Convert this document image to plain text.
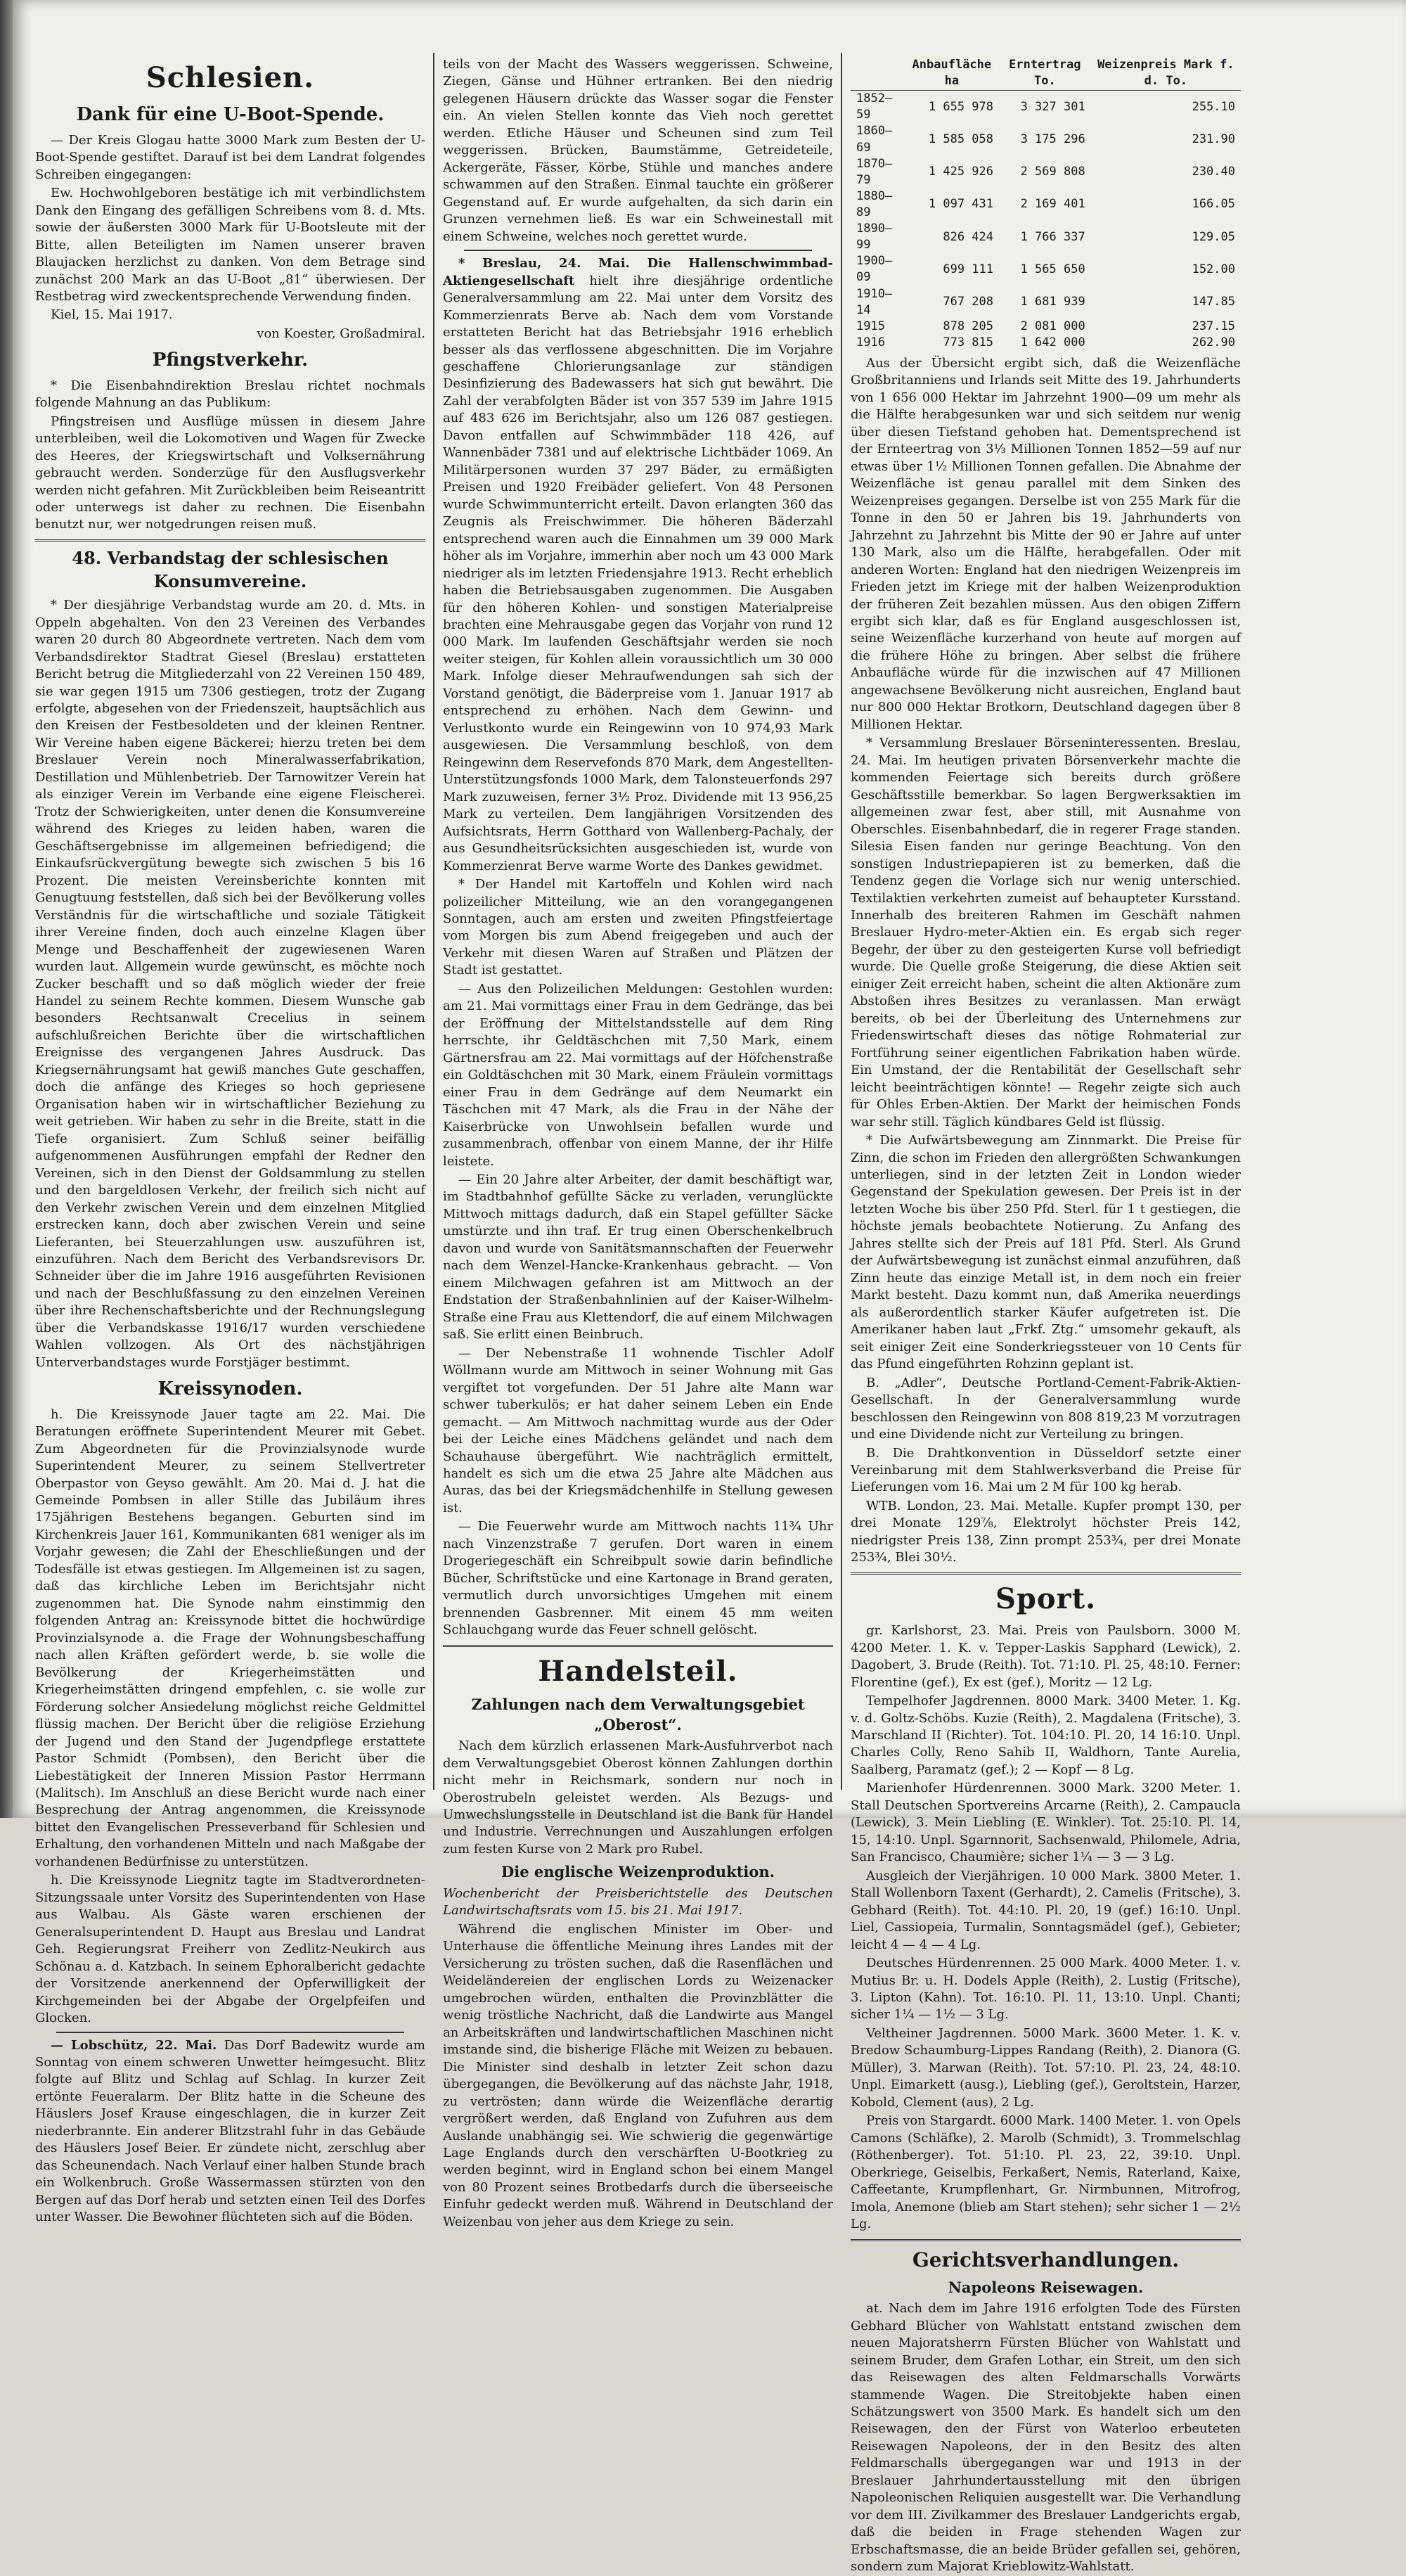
Schlesien.
Dank für eine U-Boot-Spende.

— Der Kreis Glogau hatte 3000 Mark zum Besten der U-Boot-Spende gestiftet. Darauf ist bei dem Landrat folgendes Schreiben eingegangen:

Ew. Hochwohlgeboren bestätige ich mit verbindlichstem Dank den Eingang des gefälligen Schreibens vom 8. d. Mts. sowie der äußersten 3000 Mark für U-Bootsleute mit der Bitte, allen Beteiligten im Namen unserer braven Blaujacken herzlichst zu danken. Von dem Betrage sind zunächst 200 Mark an das U-Boot „81“ überwiesen. Der Restbetrag wird zweckentsprechende Verwendung finden.

Kiel, 15. Mai 1917.

von Koester, Großadmiral.

Pfingstverkehr.

* Die Eisenbahndirektion Breslau richtet nochmals folgende Mahnung an das Publikum:

Pfingstreisen und Ausflüge müssen in diesem Jahre unterbleiben, weil die Lokomotiven und Wagen für Zwecke des Heeres, der Kriegswirtschaft und Volksernährung gebraucht werden. Sonderzüge für den Ausflugsverkehr werden nicht gefahren. Mit Zurückbleiben beim Reiseantritt oder unterwegs ist daher zu rechnen. Die Eisenbahn benutzt nur, wer notgedrungen reisen muß.

48. Verbandstag der schlesischen Konsumvereine.

* Der diesjährige Verbandstag wurde am 20. d. Mts. in Oppeln abgehalten. Von den 23 Vereinen des Verbandes waren 20 durch 80 Abgeordnete vertreten. Nach dem vom Verbandsdirektor Stadtrat Giesel (Breslau) erstatteten Bericht betrug die Mitgliederzahl von 22 Vereinen 150 489, sie war gegen 1915 um 7306 gestiegen, trotz der Zugang erfolgte, abgesehen von der Friedenszeit, hauptsächlich aus den Kreisen der Festbesoldeten und der kleinen Rentner. Wir Vereine haben eigene Bäckerei; hierzu treten bei dem Breslauer Verein noch Mineralwasserfabrikation, Destillation und Mühlenbetrieb. Der Tarnowitzer Verein hat als einziger Verein im Verbande eine eigene Fleischerei. Trotz der Schwierigkeiten, unter denen die Konsumvereine während des Krieges zu leiden haben, waren die Geschäftsergebnisse im allgemeinen befriedigend; die Einkaufsrückvergütung bewegte sich zwischen 5 bis 16 Prozent. Die meisten Vereinsberichte konnten mit Genugtuung feststellen, daß sich bei der Bevölkerung volles Verständnis für die wirtschaftliche und soziale Tätigkeit ihrer Vereine finden, doch auch einzelne Klagen über Menge und Beschaffenheit der zugewiesenen Waren wurden laut. Allgemein wurde gewünscht, es möchte noch Zucker beschafft und so daß möglich wieder der freie Handel zu seinem Rechte kommen. Diesem Wunsche gab besonders Rechtsanwalt Crecelius in seinem aufschlußreichen Berichte über die wirtschaftlichen Ereignisse des vergangenen Jahres Ausdruck. Das Kriegsernährungsamt hat gewiß manches Gute geschaffen, doch die anfänge des Krieges so hoch gepriesene Organisation haben wir in wirtschaftlicher Beziehung zu weit getrieben. Wir haben zu sehr in die Breite, statt in die Tiefe organisiert. Zum Schluß seiner beifällig aufgenommenen Ausführungen empfahl der Redner den Vereinen, sich in den Dienst der Goldsammlung zu stellen und den bargeldlosen Verkehr, der freilich sich nicht auf den Verkehr zwischen Verein und dem einzelnen Mitglied erstrecken kann, doch aber zwischen Verein und seine Lieferanten, bei Steuerzahlungen usw. auszuführen ist, einzuführen. Nach dem Bericht des Verbandsrevisors Dr. Schneider über die im Jahre 1916 ausgeführten Revisionen und nach der Beschlußfassung zu den einzelnen Vereinen über ihre Rechenschaftsberichte und der Rechnungslegung über die Verbandskasse 1916/17 wurden verschiedene Wahlen vollzogen. Als Ort des nächstjährigen Unterverbandstages wurde Forstjäger bestimmt.

Kreissynoden.

h. Die Kreissynode Jauer tagte am 22. Mai. Die Beratungen eröffnete Superintendent Meurer mit Gebet. Zum Abgeordneten für die Provinzialsynode wurde Superintendent Meurer, zu seinem Stellvertreter Oberpastor von Geyso gewählt. Am 20. Mai d. J. hat die Gemeinde Pombsen in aller Stille das Jubiläum ihres 175jährigen Bestehens begangen. Geburten sind im Kirchenkreis Jauer 161, Kommunikanten 681 weniger als im Vorjahr gewesen; die Zahl der Eheschließungen und der Todesfälle ist etwas gestiegen. Im Allgemeinen ist zu sagen, daß das kirchliche Leben im Berichtsjahr nicht zugenommen hat. Die Synode nahm einstimmig den folgenden Antrag an: Kreissynode bittet die hochwürdige Provinzialsynode a. die Frage der Wohnungsbeschaffung nach allen Kräften gefördert werde, b. sie wolle die Bevölkerung der Kriegerheimstätten und Kriegerheimstätten dringend empfehlen, c. sie wolle zur Förderung solcher Ansiedelung möglichst reiche Geldmittel flüssig machen. Der Bericht über die religiöse Erziehung der Jugend und den Stand der Jugendpflege erstattete Pastor Schmidt (Pombsen), den Bericht über die Liebestätigkeit der Inneren Mission Pastor Herrmann (Malitsch). Im Anschluß an diese Bericht wurde nach einer Besprechung der Antrag angenommen, die Kreissynode bittet den Evangelischen Presseverband für Schlesien und Erhaltung, den vorhandenen Mitteln und nach Maßgabe der vorhandenen Bedürfnisse zu unterstützen.

h. Die Kreissynode Liegnitz tagte im Stadtverordneten-Sitzungssaale unter Vorsitz des Superintendenten von Hase aus Walbau. Als Gäste waren erschienen der Generalsuperintendent D. Haupt aus Breslau und Landrat Geh. Regierungsrat Freiherr von Zedlitz-Neukirch aus Schönau a. d. Katzbach. In seinem Ephoralbericht gedachte der Vorsitzende anerkennend der Opferwilligkeit der Kirchgemeinden bei der Abgabe der Orgelpfeifen und Glocken.

— Lobschütz, 22. Mai. Das Dorf Badewitz wurde am Sonntag von einem schweren Unwetter heimgesucht. Blitz folgte auf Blitz und Schlag auf Schlag. In kurzer Zeit ertönte Feueralarm. Der Blitz hatte in die Scheune des Häuslers Josef Krause eingeschlagen, die in kurzer Zeit niederbrannte. Ein anderer Blitzstrahl fuhr in das Gebäude des Häuslers Josef Beier. Er zündete nicht, zerschlug aber das Scheunendach. Nach Verlauf einer halben Stunde brach ein Wolkenbruch. Große Wassermassen stürzten von den Bergen auf das Dorf herab und setzten einen Teil des Dorfes unter Wasser. Die Bewohner flüchteten sich auf die Böden.

teils von der Macht des Wassers weggerissen. Schweine, Ziegen, Gänse und Hühner ertranken. Bei den niedrig gelegenen Häusern drückte das Wasser sogar die Fenster ein. An vielen Stellen konnte das Vieh noch gerettet werden. Etliche Häuser und Scheunen sind zum Teil weggerissen. Brücken, Baumstämme, Getreideteile, Ackergeräte, Fässer, Körbe, Stühle und manches andere schwammen auf den Straßen. Einmal tauchte ein größerer Gegenstand auf. Er wurde aufgehalten, da sich darin ein Grunzen vernehmen ließ. Es war ein Schweinestall mit einem Schweine, welches noch gerettet wurde.

* Breslau, 24. Mai. Die Hallenschwimmbad-Aktiengesellschaft hielt ihre diesjährige ordentliche Generalversammlung am 22. Mai unter dem Vorsitz des Kommerzienrats Berve ab. Nach dem vom Vorstande erstatteten Bericht hat das Betriebsjahr 1916 erheblich besser als das verflossene abgeschnitten. Die im Vorjahre geschaffene Chlorierungsanlage zur ständigen Desinfizierung des Badewassers hat sich gut bewährt. Die Zahl der verabfolgten Bäder ist von 357 539 im Jahre 1915 auf 483 626 im Berichtsjahr, also um 126 087 gestiegen. Davon entfallen auf Schwimmbäder 118 426, auf Wannenbäder 7381 und auf elektrische Lichtbäder 1069. An Militärpersonen wurden 37 297 Bäder, zu ermäßigten Preisen und 1920 Freibäder geliefert. Von 48 Personen wurde Schwimmunterricht erteilt. Davon erlangten 360 das Zeugnis als Freischwimmer. Die höheren Bäderzahl entsprechend waren auch die Einnahmen um 39 000 Mark höher als im Vorjahre, immerhin aber noch um 43 000 Mark niedriger als im letzten Friedensjahre 1913. Recht erheblich haben die Betriebsausgaben zugenommen. Die Ausgaben für den höheren Kohlen- und sonstigen Materialpreise brachten eine Mehrausgabe gegen das Vorjahr von rund 12 000 Mark. Im laufenden Geschäftsjahr werden sie noch weiter steigen, für Kohlen allein voraussichtlich um 30 000 Mark. Infolge dieser Mehraufwendungen sah sich der Vorstand genötigt, die Bäderpreise vom 1. Januar 1917 ab entsprechend zu erhöhen. Nach dem Gewinn- und Verlustkonto wurde ein Reingewinn von 10 974,93 Mark ausgewiesen. Die Versammlung beschloß, von dem Reingewinn dem Reservefonds 870 Mark, dem Angestellten-Unterstützungsfonds 1000 Mark, dem Talonsteuerfonds 297 Mark zuzuweisen, ferner 3½ Proz. Dividende mit 13 956,25 Mark zu verteilen. Dem langjährigen Vorsitzenden des Aufsichtsrats, Herrn Gotthard von Wallenberg-Pachaly, der aus Gesundheitsrücksichten ausgeschieden ist, wurde von Kommerzienrat Berve warme Worte des Dankes gewidmet.

* Der Handel mit Kartoffeln und Kohlen wird nach polizeilicher Mitteilung, wie an den vorangegangenen Sonntagen, auch am ersten und zweiten Pfingstfeiertage vom Morgen bis zum Abend freigegeben und auch der Verkehr mit diesen Waren auf Straßen und Plätzen der Stadt ist gestattet.

— Aus den Polizeilichen Meldungen: Gestohlen wurden: am 21. Mai vormittags einer Frau in dem Gedränge, das bei der Eröffnung der Mittelstandsstelle auf dem Ring herrschte, ihr Geldtäschchen mit 7,50 Mark, einem Gärtnersfrau am 22. Mai vormittags auf der Höfchenstraße ein Goldtäschchen mit 30 Mark, einem Fräulein vormittags einer Frau in dem Gedränge auf dem Neumarkt ein Täschchen mit 47 Mark, als die Frau in der Nähe der Kaiserbrücke von Unwohlsein befallen wurde und zusammenbrach, offenbar von einem Manne, der ihr Hilfe leistete.

— Ein 20 Jahre alter Arbeiter, der damit beschäftigt war, im Stadtbahnhof gefüllte Säcke zu verladen, verunglückte Mittwoch mittags dadurch, daß ein Stapel gefüllter Säcke umstürzte und ihn traf. Er trug einen Oberschenkelbruch davon und wurde von Sanitätsmannschaften der Feuerwehr nach dem Wenzel-Hancke-Krankenhaus gebracht. — Von einem Milchwagen gefahren ist am Mittwoch an der Endstation der Straßenbahnlinien auf der Kaiser-Wilhelm-Straße eine Frau aus Klettendorf, die auf einem Milchwagen saß. Sie erlitt einen Beinbruch.

— Der Nebenstraße 11 wohnende Tischler Adolf Wöllmann wurde am Mittwoch in seiner Wohnung mit Gas vergiftet tot vorgefunden. Der 51 Jahre alte Mann war schwer tuberkulös; er hat daher seinem Leben ein Ende gemacht. — Am Mittwoch nachmittag wurde aus der Oder bei der Leiche eines Mädchens geländet und nach dem Schauhause übergeführt. Wie nachträglich ermittelt, handelt es sich um die etwa 25 Jahre alte Mädchen aus Auras, das bei der Kriegsmädchenhilfe in Stellung gewesen ist.

— Die Feuerwehr wurde am Mittwoch nachts 11¾ Uhr nach Vinzenzstraße 7 gerufen. Dort waren in einem Drogeriegeschäft ein Schreibpult sowie darin befindliche Bücher, Schriftstücke und eine Kartonage in Brand geraten, vermutlich durch unvorsichtiges Umgehen mit einem brennenden Gasbrenner. Mit einem 45 mm weiten Schlauchgang wurde das Feuer schnell gelöscht.

Handelsteil.
Zahlungen nach dem Verwaltungsgebiet „Oberost“.

Nach dem kürzlich erlassenen Mark-Ausfuhrverbot nach dem Verwaltungsgebiet Oberost können Zahlungen dorthin nicht mehr in Reichsmark, sondern nur noch in Oberostrubeln geleistet werden. Als Bezugs- und Umwechslungsstelle in Deutschland ist die Bank für Handel und Industrie. Verrechnungen und Auszahlungen erfolgen zum festen Kurse von 2 Mark pro Rubel.

Die englische Weizenproduktion.

Wochenbericht der Preisberichtstelle des Deutschen Landwirtschaftsrats vom 15. bis 21. Mai 1917.

Während die englischen Minister im Ober- und Unterhause die öffentliche Meinung ihres Landes mit der Versicherung zu trösten suchen, daß die Rasenflächen und Weideländereien der englischen Lords zu Weizenacker umgebrochen würden, enthalten die Provinzblätter die wenig tröstliche Nachricht, daß die Landwirte aus Mangel an Arbeitskräften und landwirtschaftlichen Maschinen nicht imstande sind, die bisherige Fläche mit Weizen zu bebauen. Die Minister sind deshalb in letzter Zeit schon dazu übergegangen, die Bevölkerung auf das nächste Jahr, 1918, zu vertrösten; dann würde die Weizenfläche derartig vergrößert werden, daß England von Zufuhren aus dem Auslande unabhängig sei. Wie schwierig die gegenwärtige Lage Englands durch den verschärften U-Bootkrieg zu werden beginnt, wird in England schon bei einem Mangel von 80 Prozent seines Brotbedarfs durch die überseeische Einfuhr gedeckt werden muß. Während in Deutschland der Weizenbau von jeher aus dem Kriege zu sein.

	Anbaufläche ha	Erntertrag To.	Weizenpreis Mark f. d. To.
1852—59	1 655 978	3 327 301	255.10
1860—69	1 585 058	3 175 296	231.90
1870—79	1 425 926	2 569 808	230.40
1880—89	1 097 431	2 169 401	166.05
1890—99	826 424	1 766 337	129.05
1900—09	699 111	1 565 650	152.00
1910—14	767 208	1 681 939	147.85
1915	878 205	2 081 000	237.15
1916	773 815	1 642 000	262.90

Aus der Übersicht ergibt sich, daß die Weizenfläche Großbritanniens und Irlands seit Mitte des 19. Jahrhunderts von 1 656 000 Hektar im Jahrzehnt 1900—09 um mehr als die Hälfte herabgesunken war und sich seitdem nur wenig über diesen Tiefstand gehoben hat. Dementsprechend ist der Ernteertrag von 3⅓ Millionen Tonnen 1852—59 auf nur etwas über 1½ Millionen Tonnen gefallen. Die Abnahme der Weizenfläche ist genau parallel mit dem Sinken des Weizenpreises gegangen. Derselbe ist von 255 Mark für die Tonne in den 50 er Jahren bis 19. Jahrhunderts von Jahrzehnt zu Jahrzehnt bis Mitte der 90 er Jahre auf unter 130 Mark, also um die Hälfte, herabgefallen. Oder mit anderen Worten: England hat den niedrigen Weizenpreis im Frieden jetzt im Kriege mit der halben Weizenproduktion der früheren Zeit bezahlen müssen. Aus den obigen Ziffern ergibt sich klar, daß es für England ausgeschlossen ist, seine Weizenfläche kurzerhand von heute auf morgen auf die frühere Höhe zu bringen. Aber selbst die frühere Anbaufläche würde für die inzwischen auf 47 Millionen angewachsene Bevölkerung nicht ausreichen, England baut nur 800 000 Hektar Brotkorn, Deutschland dagegen über 8 Millionen Hektar.

* Versammlung Breslauer Börseninteressenten. Breslau, 24. Mai. Im heutigen privaten Börsenverkehr machte die kommenden Feiertage sich bereits durch größere Geschäftsstille bemerkbar. So lagen Bergwerksaktien im allgemeinen zwar fest, aber still, mit Ausnahme von Oberschles. Eisenbahnbedarf, die in regerer Frage standen. Silesia Eisen fanden nur geringe Beachtung. Von den sonstigen Industriepapieren ist zu bemerken, daß die Tendenz gegen die Vorlage sich nur wenig unterschied. Textilaktien verkehrten zumeist auf behaupteter Kursstand. Innerhalb des breiteren Rahmen im Geschäft nahmen Breslauer Hydro-meter-Aktien ein. Es ergab sich reger Begehr, der über zu den gesteigerten Kurse voll befriedigt wurde. Die Quelle große Steigerung, die diese Aktien seit einiger Zeit erreicht haben, scheint die alten Aktionäre zum Abstoßen ihres Besitzes zu veranlassen. Man erwägt bereits, ob bei der Überleitung des Unternehmens zur Friedenswirtschaft dieses das nötige Rohmaterial zur Fortführung seiner eigentlichen Fabrikation haben würde. Ein Umstand, der die Rentabilität der Gesellschaft sehr leicht beeinträchtigen könnte! — Regehr zeigte sich auch für Ohles Erben-Aktien. Der Markt der heimischen Fonds war sehr still. Täglich kündbares Geld ist flüssig.

* Die Aufwärtsbewegung am Zinnmarkt. Die Preise für Zinn, die schon im Frieden den allergrößten Schwankungen unterliegen, sind in der letzten Zeit in London wieder Gegenstand der Spekulation gewesen. Der Preis ist in der letzten Woche bis über 250 Pfd. Sterl. für 1 t gestiegen, die höchste jemals beobachtete Notierung. Zu Anfang des Jahres stellte sich der Preis auf 181 Pfd. Sterl. Als Grund der Aufwärtsbewegung ist zunächst einmal anzuführen, daß Zinn heute das einzige Metall ist, in dem noch ein freier Markt besteht. Dazu kommt nun, daß Amerika neuerdings als außerordentlich starker Käufer aufgetreten ist. Die Amerikaner haben laut „Frkf. Ztg.“ umsomehr gekauft, als seit einiger Zeit eine Sonderkriegssteuer von 10 Cents für das Pfund eingeführten Rohzinn geplant ist.

B. „Adler“, Deutsche Portland-Cement-Fabrik-Aktien-Gesellschaft. In der Generalversammlung wurde beschlossen den Reingewinn von 808 819,23 M vorzutragen und eine Dividende nicht zur Verteilung zu bringen.

B. Die Drahtkonvention in Düsseldorf setzte einer Vereinbarung mit dem Stahlwerksverband die Preise für Lieferungen vom 16. Mai um 2 M für 100 kg herab.

WTB. London, 23. Mai. Metalle. Kupfer prompt 130, per drei Monate 129⅞, Elektrolyt höchster Preis 142, niedrigster Preis 138, Zinn prompt 253¾, per drei Monate 253¾, Blei 30½.

Sport.

gr. Karlshorst, 23. Mai. Preis von Paulsborn. 3000 M. 4200 Meter. 1. K. v. Tepper-Laskis Sapphard (Lewick), 2. Dagobert, 3. Brude (Reith). Tot. 71:10. Pl. 25, 48:10. Ferner: Florentine (gef.), Ex est (gef.), Moritz — 12 Lg.

Tempelhofer Jagdrennen. 8000 Mark. 3400 Meter. 1. Kg. v. d. Goltz-Schöbs. Kuzie (Reith), 2. Magdalena (Fritsche), 3. Marschland II (Richter). Tot. 104:10. Pl. 20, 14 16:10. Unpl. Charles Colly, Reno Sahib II, Waldhorn, Tante Aurelia, Saalberg, Paramatz (gef.); 2 — Kopf — 8 Lg.

Marienhofer Hürdenrennen. 3000 Mark. 3200 Meter. 1. Stall Deutschen Sportvereins Arcarne (Reith), 2. Campaucla (Lewick), 3. Mein Liebling (E. Winkler). Tot. 25:10. Pl. 14, 15, 14:10. Unpl. Sgarnnorit, Sachsenwald, Philomele, Adria, San Francisco, Chaumière; sicher 1¼ — 3 — 3 Lg.

Ausgleich der Vierjährigen. 10 000 Mark. 3800 Meter. 1. Stall Wollenborn Taxent (Gerhardt), 2. Camelis (Fritsche), 3. Gebhard (Reith). Tot. 44:10. Pl. 20, 19 (gef.) 16:10. Unpl. Liel, Cassiopeia, Turmalin, Sonntagsmädel (gef.), Gebieter; leicht 4 — 4 — 4 Lg.

Deutsches Hürdenrennen. 25 000 Mark. 4000 Meter. 1. v. Mutius Br. u. H. Dodels Apple (Reith), 2. Lustig (Fritsche), 3. Lipton (Kahn). Tot. 16:10. Pl. 11, 13:10. Unpl. Chanti; sicher 1¼ — 1½ — 3 Lg.

Veltheiner Jagdrennen. 5000 Mark. 3600 Meter. 1. K. v. Bredow Schaumburg-Lippes Randang (Reith), 2. Dianora (G. Müller), 3. Marwan (Reith). Tot. 57:10. Pl. 23, 24, 48:10. Unpl. Eimarkett (ausg.), Liebling (gef.), Geroltstein, Harzer, Kobold, Clement (aus), 2 Lg.

Preis von Stargardt. 6000 Mark. 1400 Meter. 1. von Opels Camons (Schläfke), 2. Marolb (Schmidt), 3. Trommelschlag (Röthenberger). Tot. 51:10. Pl. 23, 22, 39:10. Unpl. Oberkriege, Geiselbis, Ferkaßert, Nemis, Raterland, Kaixe, Caffeetante, Krumpflenhart, Gr. Nirmbunnen, Mitrofrog, Imola, Anemone (blieb am Start stehen); sehr sicher 1 — 2½ Lg.

Gerichtsverhandlungen.
Napoleons Reisewagen.

at. Nach dem im Jahre 1916 erfolgten Tode des Fürsten Gebhard Blücher von Wahlstatt entstand zwischen dem neuen Majoratsherrn Fürsten Blücher von Wahlstatt und seinem Bruder, dem Grafen Lothar, ein Streit, um den sich das Reisewagen des alten Feldmarschalls Vorwärts stammende Wagen. Die Streitobjekte haben einen Schätzungswert von 3500 Mark. Es handelt sich um den Reisewagen, den der Fürst von Waterloo erbeuteten Reisewagen Napoleons, der in den Besitz des alten Feldmarschalls übergegangen war und 1913 in der Breslauer Jahrhundertausstellung mit den übrigen Napoleonischen Reliquien ausgestellt war. Die Verhandlung vor dem III. Zivilkammer des Breslauer Landgerichts ergab, daß die beiden in Frage stehenden Wagen zur Erbschaftsmasse, die an beide Brüder gefallen sei, gehören, sondern zum Majorat Krieblowitz-Wahlstatt.
